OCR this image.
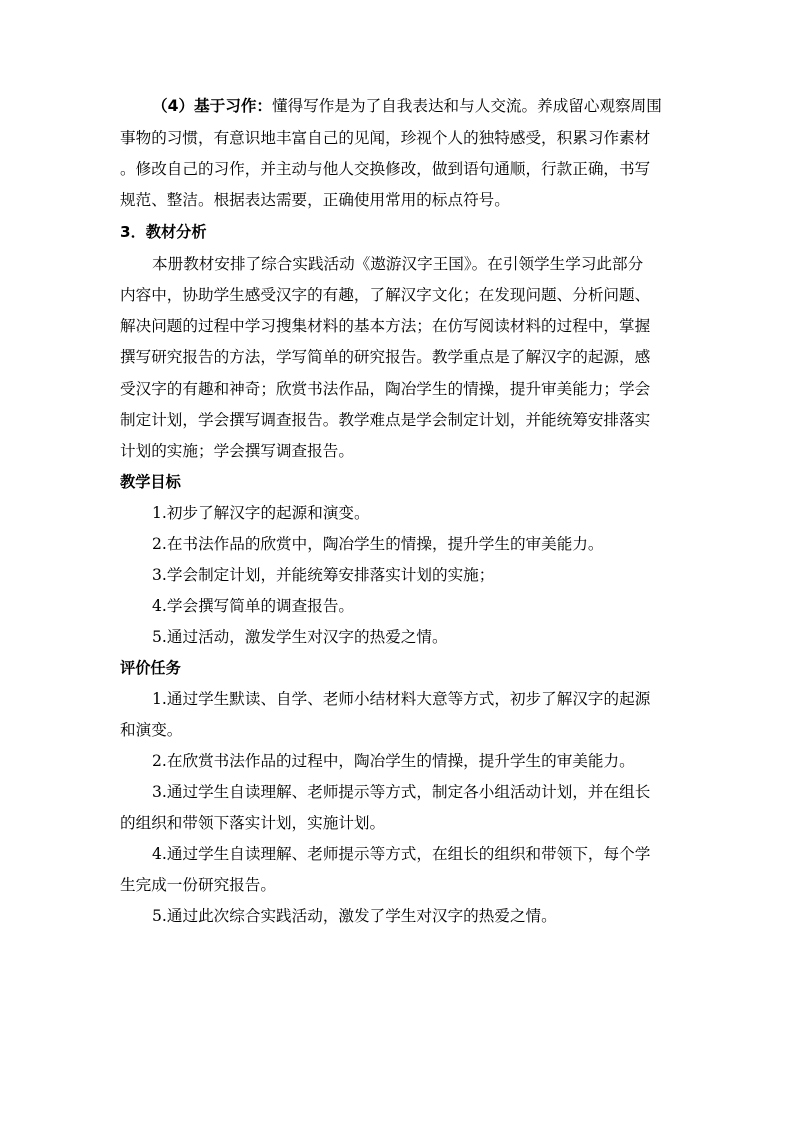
（4）基于习作：懂得写作是为了自我表达和与人交流。养成留心观察周围
事物的习惯，有意识地丰富自己的见闻，珍视个人的独特感受，积累习作素材
。修改自己的习作，并主动与他人交换修改，做到语句通顺，行款正确，书写
规范、整洁。根据表达需要，正确使用常用的标点符号。
3．教材分析
本册教材安排了综合实践活动《遨游汉字王国》。在引领学生学习此部分
内容中，协助学生感受汉字的有趣，了解汉字文化；在发现问题、分析问题、
解决问题的过程中学习搜集材料的基本方法；在仿写阅读材料的过程中，掌握
撰写研究报告的方法，学写简单的研究报告。教学重点是了解汉字的起源，感
受汉字的有趣和神奇；欣赏书法作品，陶冶学生的情操，提升审美能力；学会
制定计划，学会撰写调查报告。教学难点是学会制定计划，并能统筹安排落实
计划的实施；学会撰写调查报告。
教学目标
1.初步了解汉字的起源和演变。
2.在书法作品的欣赏中，陶冶学生的情操，提升学生的审美能力。
3.学会制定计划，并能统筹安排落实计划的实施；
4.学会撰写简单的调查报告。
5.通过活动，激发学生对汉字的热爱之情。
评价任务
1.通过学生默读、自学、老师小结材料大意等方式，初步了解汉字的起源
和演变。
2.在欣赏书法作品的过程中，陶冶学生的情操，提升学生的审美能力。
3.通过学生自读理解、老师提示等方式，制定各小组活动计划，并在组长
的组织和带领下落实计划，实施计划。
4.通过学生自读理解、老师提示等方式，在组长的组织和带领下，每个学
生完成一份研究报告。
5.通过此次综合实践活动，激发了学生对汉字的热爱之情。
